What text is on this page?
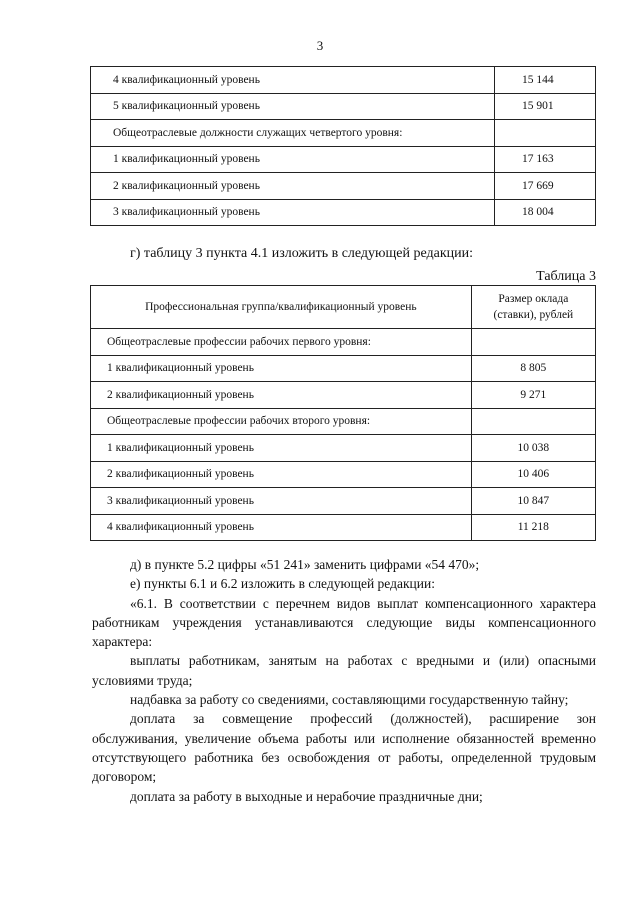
3
4 квалификационный уровень	15 144
5 квалификационный уровень	15 901
Общеотраслевые должности служащих четвертого уровня:	
1 квалификационный уровень	17 163
2 квалификационный уровень	17 669
3 квалификационный уровень	18 004
г) таблицу 3 пункта 4.1 изложить в следующей редакции:
Таблица 3
Профессиональная группа/квалификационный уровень	Размер оклада
(ставки), рублей
Общеотраслевые профессии рабочих первого уровня:	
1 квалификационный уровень	8 805
2 квалификационный уровень	9 271
Общеотраслевые профессии рабочих второго уровня:	
1 квалификационный уровень	10 038
2 квалификационный уровень	10 406
3 квалификационный уровень	10 847
4 квалификационный уровень	11 218

д) в пункте 5.2 цифры «51 241» заменить цифрами «54 470»;

е) пункты 6.1 и 6.2 изложить в следующей редакции:

«6.1. В соответствии с перечнем видов выплат компенсационного характера работникам учреждения устанавливаются следующие виды компенсационного характера:

выплаты работникам, занятым на работах с вредными и (или) опасными условиями труда;

надбавка за работу со сведениями, составляющими государственную тайну;

доплата за совмещение профессий (должностей), расширение зон обслуживания, увеличение объема работы или исполнение обязанностей временно отсутствующего работника без освобождения от работы, определенной трудовым договором;

доплата за работу в выходные и нерабочие праздничные дни;
